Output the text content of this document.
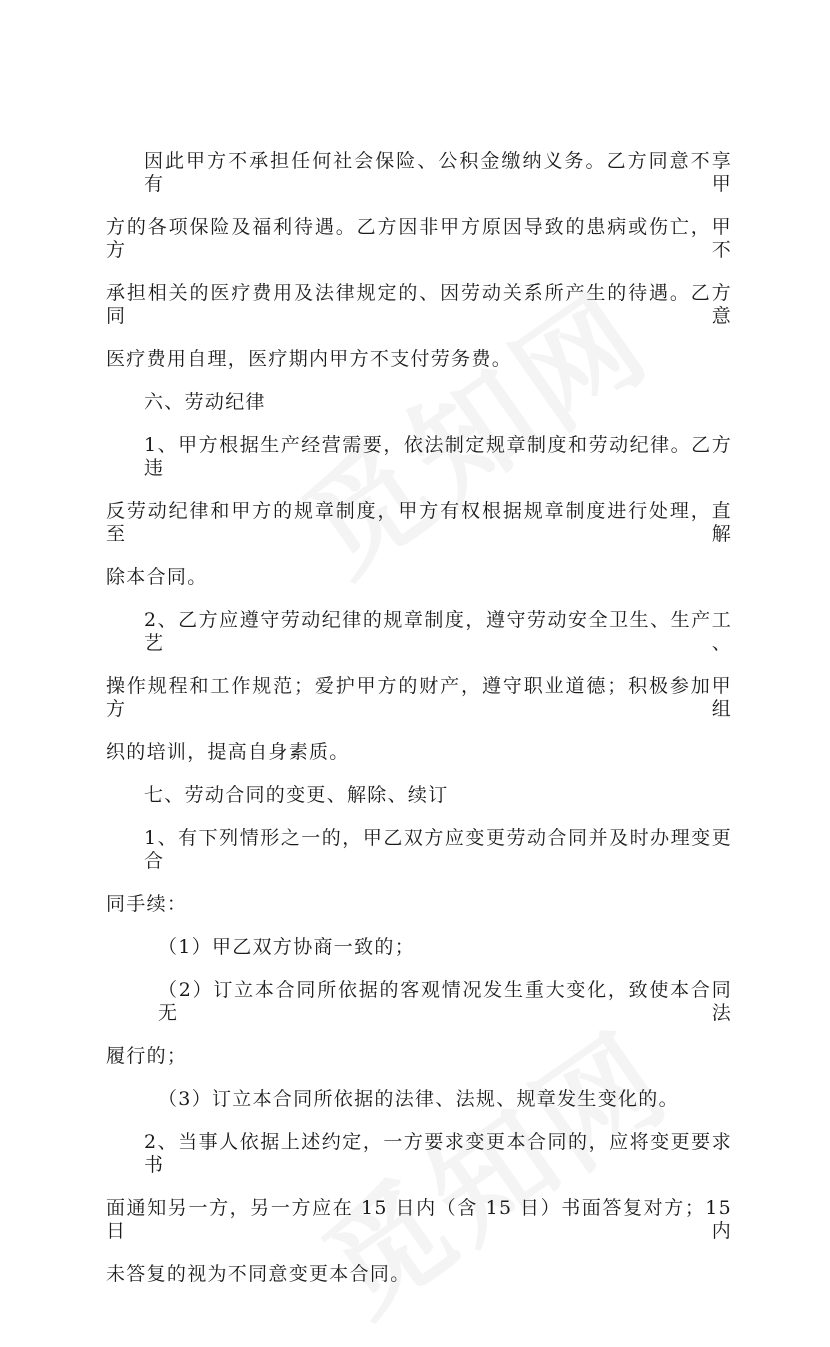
因此甲方不承担任何社会保险、公积金缴纳义务。乙方同意不享有甲

方的各项保险及福利待遇。乙方因非甲方原因导致的患病或伤亡，甲方不

承担相关的医疗费用及法律规定的、因劳动关系所产生的待遇。乙方同意

医疗费用自理，医疗期内甲方不支付劳务费。

六、劳动纪律

1、甲方根据生产经营需要，依法制定规章制度和劳动纪律。乙方违

反劳动纪律和甲方的规章制度，甲方有权根据规章制度进行处理，直至解

除本合同。

2、乙方应遵守劳动纪律的规章制度，遵守劳动安全卫生、生产工艺、

操作规程和工作规范；爱护甲方的财产，遵守职业道德；积极参加甲方组

织的培训，提高自身素质。

七、劳动合同的变更、解除、续订

1、有下列情形之一的，甲乙双方应变更劳动合同并及时办理变更合

同手续：

（1）甲乙双方协商一致的；

（2）订立本合同所依据的客观情况发生重大变化，致使本合同无法

履行的；

（3）订立本合同所依据的法律、法规、规章发生变化的。

2、当事人依据上述约定，一方要求变更本合同的，应将变更要求书

面通知另一方，另一方应在 15 日内（含 15 日）书面答复对方；15 日内

未答复的视为不同意变更本合同。
